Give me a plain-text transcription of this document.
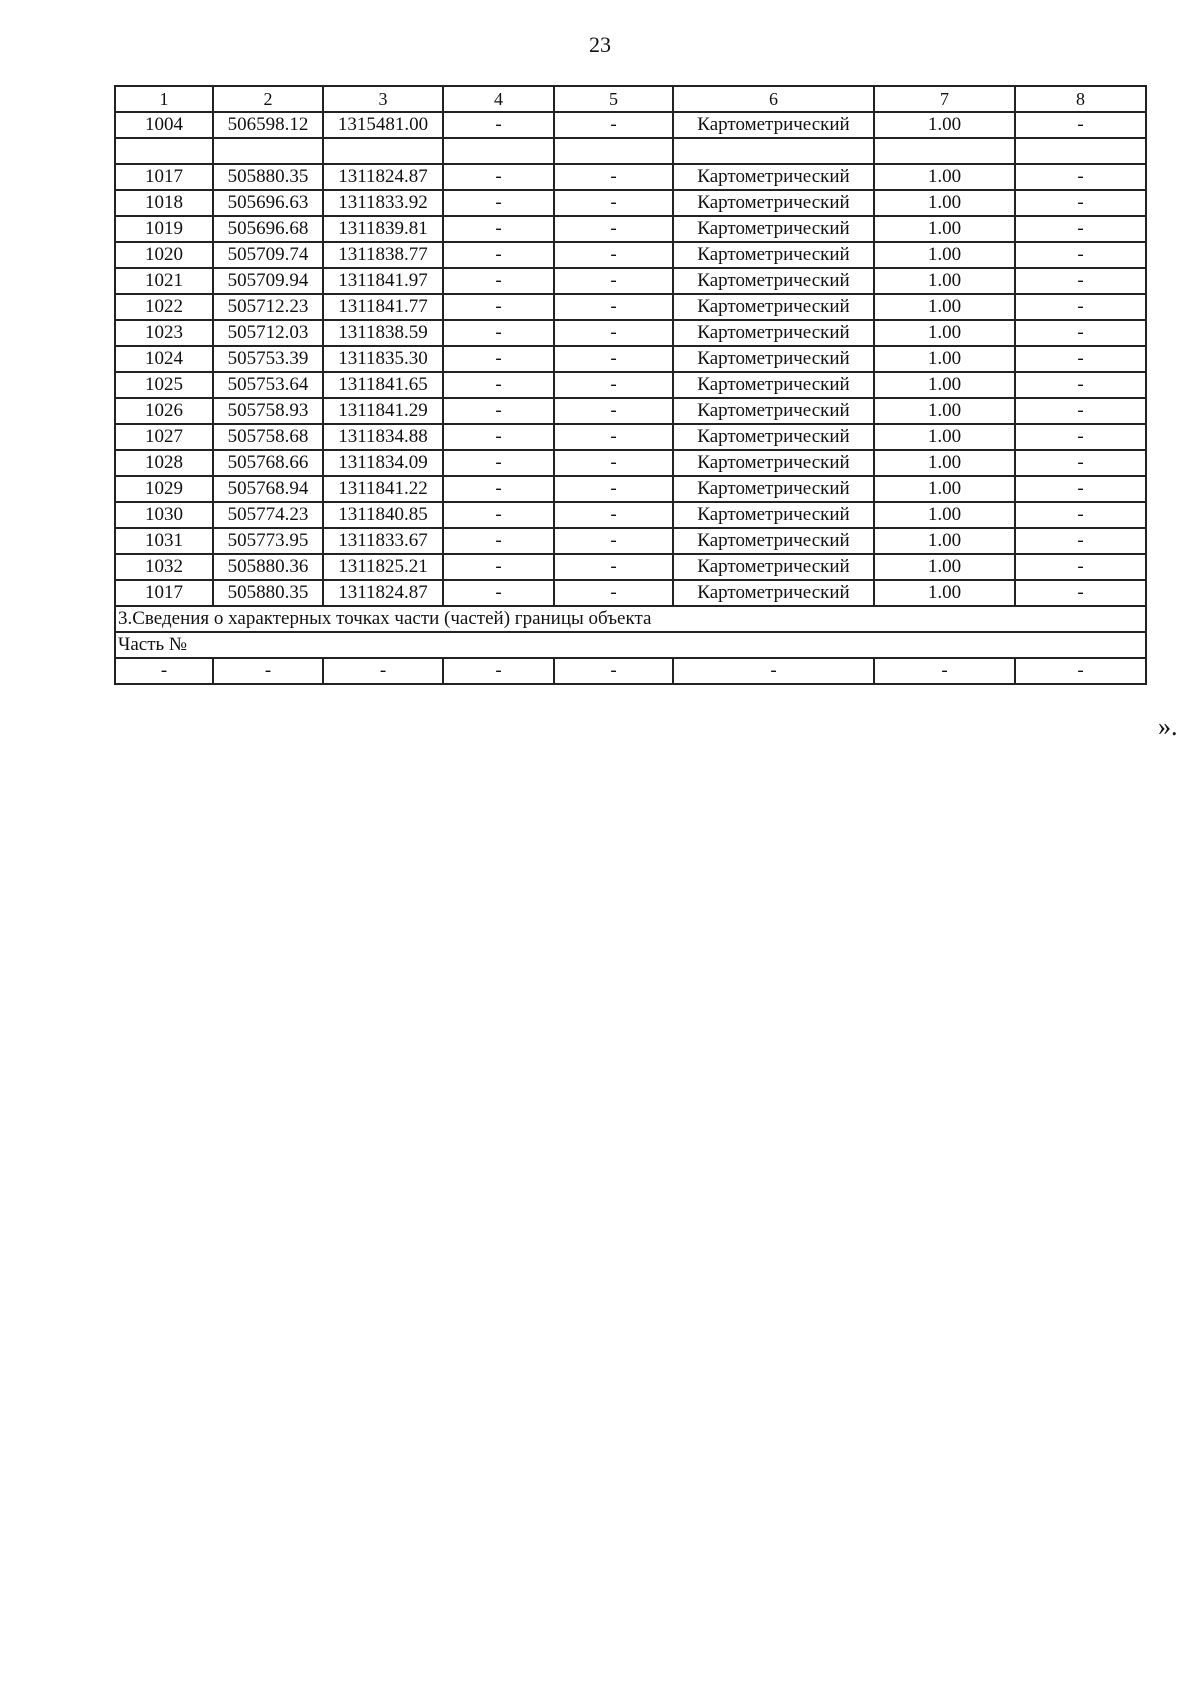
23
1	2	3	4	5	6	7	8
1004	506598.12	1315481.00	-	-	Картометрический	1.00	-

1017	505880.35	1311824.87	-	-	Картометрический	1.00	-
1018	505696.63	1311833.92	-	-	Картометрический	1.00	-
1019	505696.68	1311839.81	-	-	Картометрический	1.00	-
1020	505709.74	1311838.77	-	-	Картометрический	1.00	-
1021	505709.94	1311841.97	-	-	Картометрический	1.00	-
1022	505712.23	1311841.77	-	-	Картометрический	1.00	-
1023	505712.03	1311838.59	-	-	Картометрический	1.00	-
1024	505753.39	1311835.30	-	-	Картометрический	1.00	-
1025	505753.64	1311841.65	-	-	Картометрический	1.00	-
1026	505758.93	1311841.29	-	-	Картометрический	1.00	-
1027	505758.68	1311834.88	-	-	Картометрический	1.00	-
1028	505768.66	1311834.09	-	-	Картометрический	1.00	-
1029	505768.94	1311841.22	-	-	Картометрический	1.00	-
1030	505774.23	1311840.85	-	-	Картометрический	1.00	-
1031	505773.95	1311833.67	-	-	Картометрический	1.00	-
1032	505880.36	1311825.21	-	-	Картометрический	1.00	-
1017	505880.35	1311824.87	-	-	Картометрический	1.00	-
3.Сведения о характерных точках части (частей) границы объекта							
Часть №							
-	-	-	-	-	-	-	-
».
